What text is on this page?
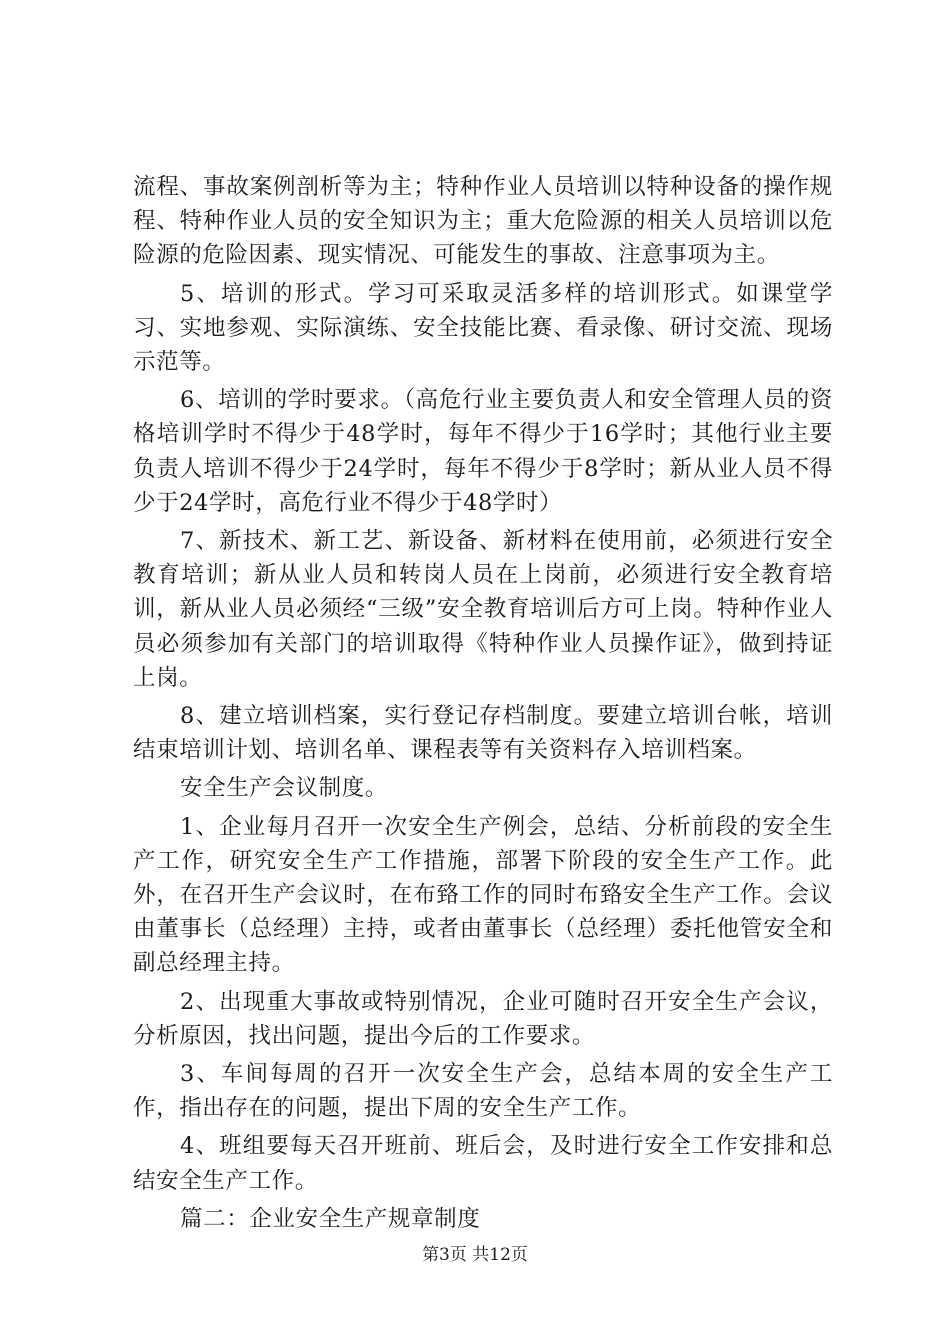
流程、事故案例剖析等为主；特种作业人员培训以特种设备的操作规程、特种作业人员的安全知识为主；重大危险源的相关人员培训以危险源的危险因素、现实情况、可能发生的事故、注意事项为主。

5、培训的形式。学习可采取灵活多样的培训形式。如课堂学习、实地参观、实际演练、安全技能比赛、看录像、研讨交流、现场示范等。

6、培训的学时要求。（高危行业主要负责人和安全管理人员的资格培训学时不得少于48学时，每年不得少于16学时；其他行业主要负责人培训不得少于24学时，每年不得少于8学时；新从业人员不得少于24学时，高危行业不得少于48学时）

7、新技术、新工艺、新设备、新材料在使用前，必须进行安全教育培训；新从业人员和转岗人员在上岗前，必须进行安全教育培训，新从业人员必须经“三级”安全教育培训后方可上岗。特种作业人员必须参加有关部门的培训取得《特种作业人员操作证》，做到持证上岗。

8、建立培训档案，实行登记存档制度。要建立培训台帐，培训结束培训计划、培训名单、课程表等有关资料存入培训档案。

安全生产会议制度。

1、企业每月召开一次安全生产例会，总结、分析前段的安全生产工作，研究安全生产工作措施，部署下阶段的安全生产工作。此外，在召开生产会议时，在布臵工作的同时布臵安全生产工作。会议由董事长（总经理）主持，或者由董事长（总经理）委托他管安全和副总经理主持。

2、出现重大事故或特别情况，企业可随时召开安全生产会议，分析原因，找出问题，提出今后的工作要求。

3、车间每周的召开一次安全生产会，总结本周的安全生产工作，指出存在的问题，提出下周的安全生产工作。

4、班组要每天召开班前、班后会，及时进行安全工作安排和总结安全生产工作。

篇二：企业安全生产规章制度

第3页 共12页
